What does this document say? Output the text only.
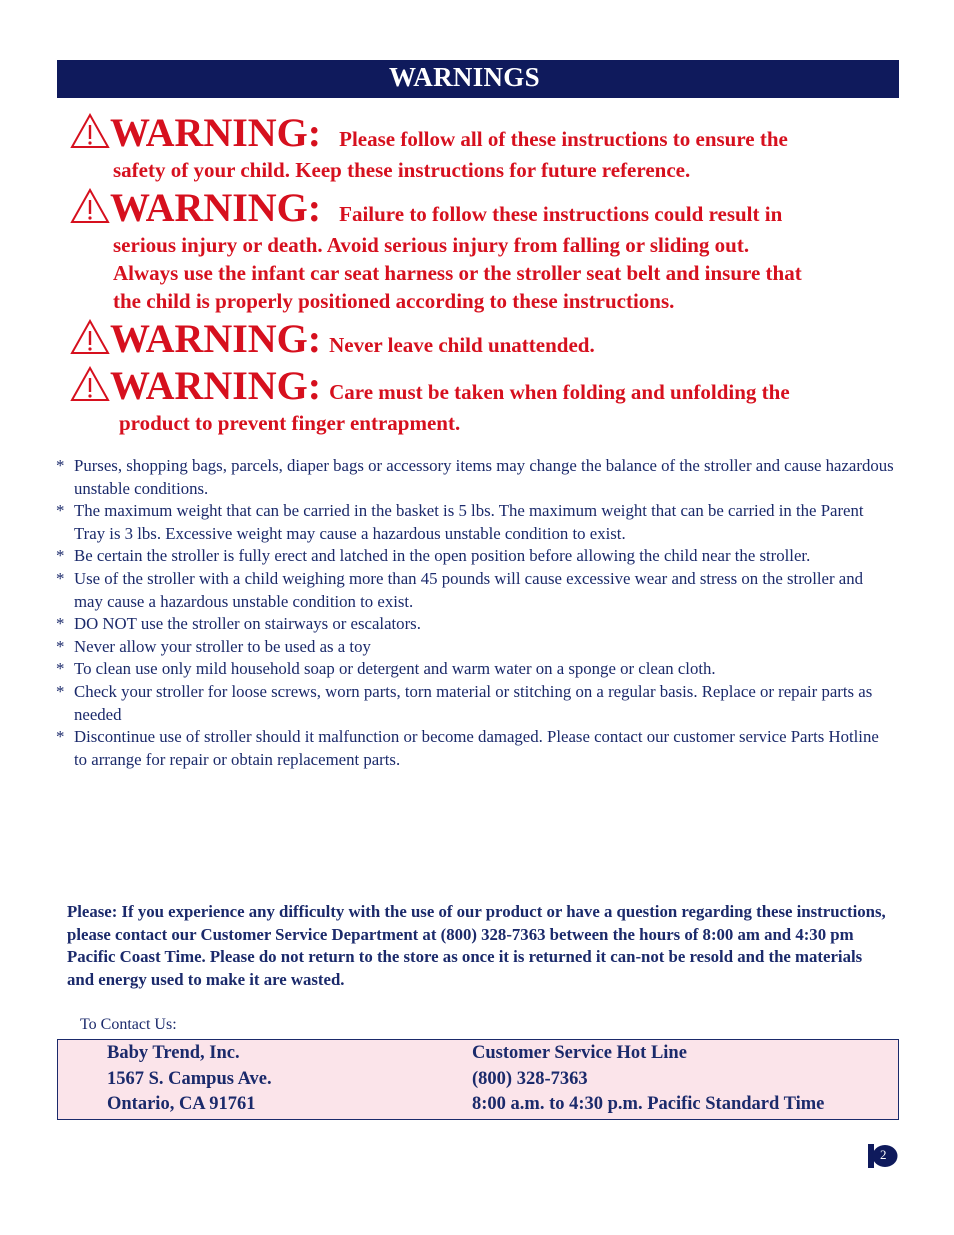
WARNINGS
WARNING: Please follow all of these instructions to ensure the
safety of your child. Keep these instructions for future reference.
WARNING: Failure to follow these instructions could result in
serious injury or death. Avoid serious injury from falling or sliding out.
Always use the infant car seat harness or the stroller seat belt and insure that
the child is properly positioned according to these instructions.
WARNING: Never leave child unattended.
WARNING: Care must be taken when folding and unfolding the
product to prevent finger entrapment.
* Purses, shopping bags, parcels, diaper bags or accessory items may change the balance of the stroller and cause hazardous unstable conditions.
* The maximum weight that can be carried in the basket is 5 lbs. The maximum weight that can be carried in the Parent Tray is 3 lbs. Excessive weight may cause a hazardous unstable condition to exist.
* Be certain the stroller is fully erect and latched in the open position before allowing the child near the stroller.
* Use of the stroller with a child weighing more than 45 pounds will cause excessive wear and stress on the stroller and may cause a hazardous unstable condition to exist.
* DO NOT use the stroller on stairways or escalators.
* Never allow your stroller to be used as a toy
* To clean use only mild household soap or detergent and warm water on a sponge or clean cloth.
* Check your stroller for loose screws, worn parts, torn material or stitching on a regular basis. Replace or repair parts as needed
* Discontinue use of stroller should it malfunction or become damaged. Please contact our customer service Parts Hotline to arrange for repair or obtain replacement parts.
Please: If you experience any difficulty with the use of our product or have a question regarding these instructions, please contact our Customer Service Department at (800) 328-7363 between the hours of 8:00 am and 4:30 pm Pacific Coast Time. Please do not return to the store as once it is returned it can-not be resold and the materials and energy used to make it are wasted.
To Contact Us:
Baby Trend, Inc.
1567 S. Campus Ave.
Ontario, CA 91761
Customer Service Hot Line
(800) 328-7363
8:00 a.m. to 4:30 p.m. Pacific Standard Time
2
